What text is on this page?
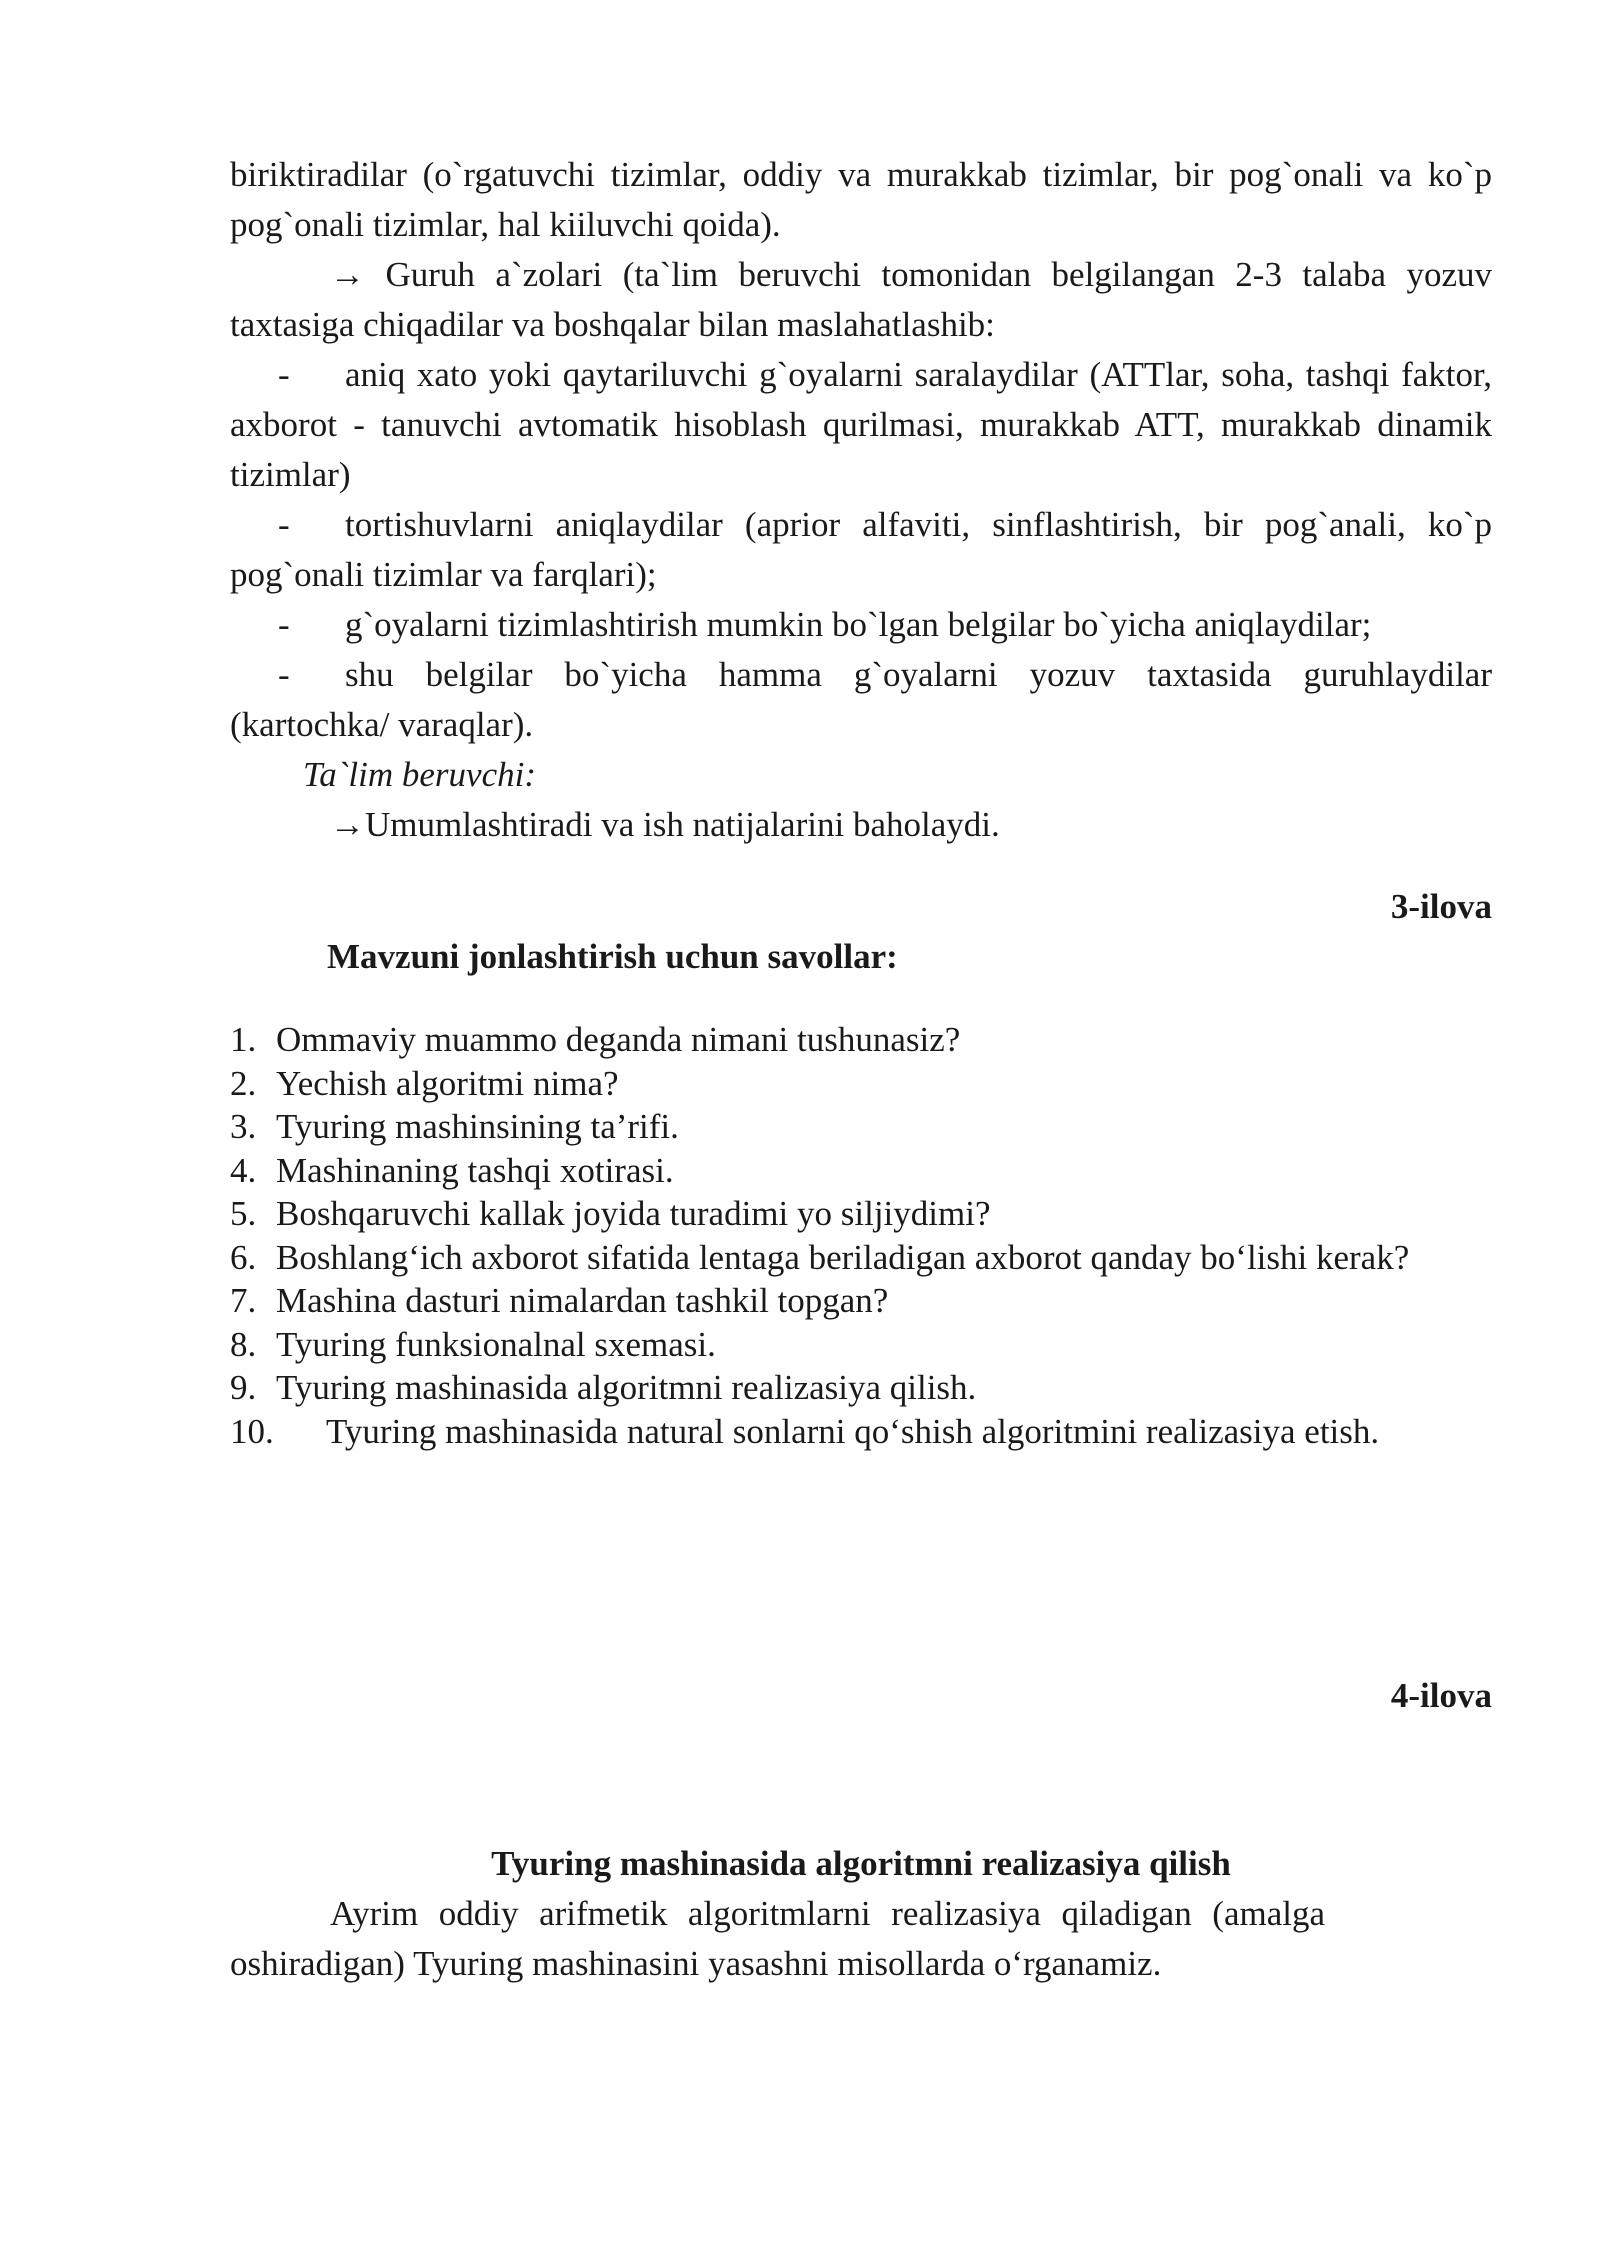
biriktiradilar (o`rgatuvchi tizimlar, oddiy va murakkab tizimlar, bir pog`onali va ko`p pog`onali tizimlar, hal kiiluvchi qoida).

→ Guruh a`zolari (ta`lim beruvchi tomonidan belgilangan 2-3 talaba yozuv taxtasiga chiqadilar va boshqalar bilan maslahatlashib:

- aniq xato yoki qaytariluvchi g`oyalarni saralaydilar (ATTlar, soha, tashqi faktor, axborot - tanuvchi avtomatik hisoblash qurilmasi, murakkab ATT, murakkab dinamik tizimlar)

- tortishuvlarni aniqlaydilar (aprior alfaviti, sinflashtirish, bir pog`anali, ko`p pog`onali tizimlar va farqlari);

- g`oyalarni tizimlashtirish mumkin bo`lgan belgilar bo`yicha aniqlaydilar;

- shu belgilar bo`yicha hamma g`oyalarni yozuv taxtasida guruhlaydilar (kartochka/ varaqlar).

Ta`lim beruvchi:

→Umumlashtiradi va ish natijalarini baholaydi.

3-ilova

Mavzuni jonlashtirish uchun savollar:

1. Ommaviy muammo deganda nimani tushunasiz?
2. Yechish algoritmi nima?
3. Tyuring mashinsining ta’rifi.
4. Mashinaning tashqi xotirasi.
5. Boshqaruvchi kallak joyida turadimi yo siljiydimi?
6. Boshlang‘ich axborot sifatida lentaga beriladigan axborot qanday bo‘lishi kerak?
7. Mashina dasturi nimalardan tashkil topgan?
8. Tyuring funksionalnal sxemasi.
9. Tyuring mashinasida algoritmni realizasiya qilish.
10.	Tyuring mashinasida natural sonlarni qo‘shish algoritmini realizasiya etish.

4-ilova

Tyuring mashinasida algoritmni realizasiya qilish

Ayrim oddiy arifmetik algoritmlarni realizasiya qiladigan (amalga oshiradigan) Tyuring mashinasini yasashni misollarda o‘rganamiz.
